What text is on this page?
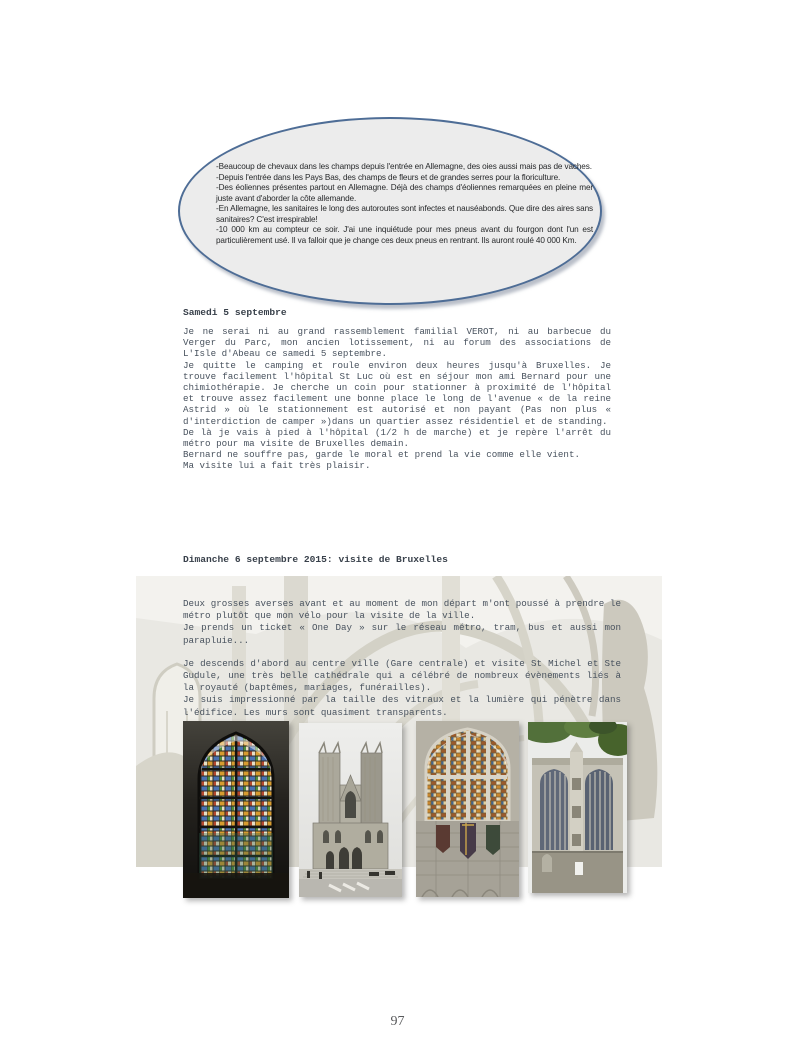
-Beaucoup de chevaux dans les champs depuis l'entrée en Allemagne, des oies aussi mais pas de vaches.

-Depuis l'entrée dans les Pays Bas, des champs de fleurs et de grandes serres pour la floriculture.

-Des éoliennes présentes partout en Allemagne. Déjà des champs d'éoliennes remarquées en pleine mer juste avant d'aborder la côte allemande.

-En Allemagne, les sanitaires le long des autoroutes sont infectes et nauséabonds. Que dire des aires sans sanitaires? C'est irrespirable!

-10 000 km au compteur ce soir. J'ai une inquiétude pour mes pneus avant du fourgon dont l'un est particulièrement usé. Il va falloir que je change ces deux pneus en rentrant. Ils auront roulé 40 000 Km.

Samedi 5 septembre

Je ne serai ni au grand rassemblement familial VEROT, ni au barbecue du Verger du Parc, mon ancien lotissement, ni au forum des associations de L'Isle d'Abeau ce samedi 5 septembre.

Je quitte le camping et roule environ deux heures jusqu'à Bruxelles. Je trouve facilement l'hôpital St Luc où est en séjour mon ami Bernard pour une chimiothérapie. Je cherche un coin pour stationner à proximité de l'hôpital et trouve assez facilement une bonne place le long de l'avenue « de la reine Astrid » où le stationnement est autorisé et non payant (Pas non plus « d'interdiction de camper »)dans un quartier assez résidentiel et de standing.

De là je vais à pied à l'hôpital (1/2 h de marche) et je repère l'arrêt du métro pour ma visite de Bruxelles demain.

Bernard ne souffre pas, garde le moral et prend la vie comme elle vient.

Ma visite lui a fait très plaisir.

Dimanche 6 septembre 2015: visite de Bruxelles

Deux grosses averses avant et au moment de mon départ m'ont poussé à prendre le métro plutôt que mon vélo pour la visite de la ville.

Je prends un ticket « One Day » sur le réseau métro, tram, bus et aussi mon parapluie...

Je descends d'abord au centre ville (Gare centrale) et visite St Michel et Ste Gudule, une très belle cathédrale qui a célébré de nombreux évènements liés à la royauté (baptêmes, mariages, funérailles).

Je suis impressionné par la taille des vitraux et la lumière qui pénètre dans l'édifice. Les murs sont quasiment transparents.

97
